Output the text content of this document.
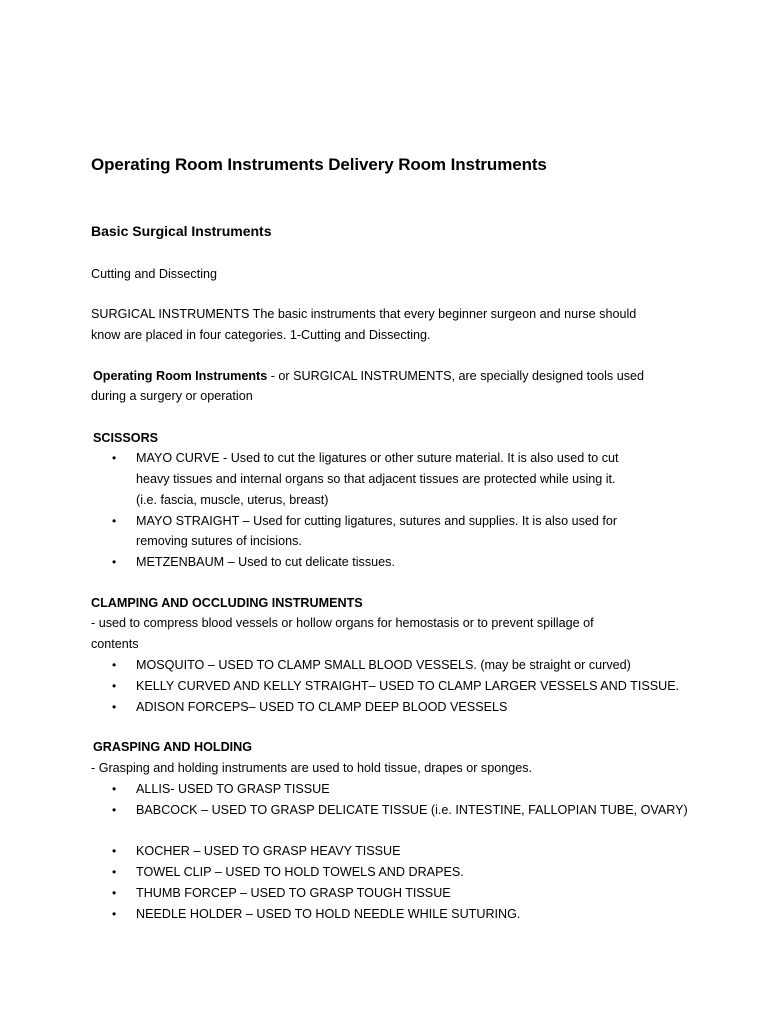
Operating Room Instruments Delivery Room Instruments
Basic Surgical Instruments

Cutting and Dissecting

SURGICAL INSTRUMENTS The basic instruments that every beginner surgeon and nurse should

know are placed in four categories. 1-Cutting and Dissecting.

Operating Room Instruments - or SURGICAL INSTRUMENTS, are specially designed tools used

during a surgery or operation

SCISSORS

• MAYO CURVE - Used to cut the ligatures or other suture material. It is also used to cut

heavy tissues and internal organs so that adjacent tissues are protected while using it.

(i.e. fascia, muscle, uterus, breast)

• MAYO STRAIGHT – Used for cutting ligatures, sutures and supplies. It is also used for

removing sutures of incisions.

• METZENBAUM – Used to cut delicate tissues.

CLAMPING AND OCCLUDING INSTRUMENTS

- used to compress blood vessels or hollow organs for hemostasis or to prevent spillage of

contents

• MOSQUITO – USED TO CLAMP SMALL BLOOD VESSELS. (may be straight or curved)

• KELLY CURVED AND KELLY STRAIGHT– USED TO CLAMP LARGER VESSELS AND TISSUE.

• ADISON FORCEPS– USED TO CLAMP DEEP BLOOD VESSELS

GRASPING AND HOLDING

- Grasping and holding instruments are used to hold tissue, drapes or sponges.

• ALLIS- USED TO GRASP TISSUE

• BABCOCK – USED TO GRASP DELICATE TISSUE (i.e. INTESTINE, FALLOPIAN TUBE, OVARY)

• KOCHER – USED TO GRASP HEAVY TISSUE

• TOWEL CLIP – USED TO HOLD TOWELS AND DRAPES.

• THUMB FORCEP – USED TO GRASP TOUGH TISSUE

• NEEDLE HOLDER – USED TO HOLD NEEDLE WHILE SUTURING.
